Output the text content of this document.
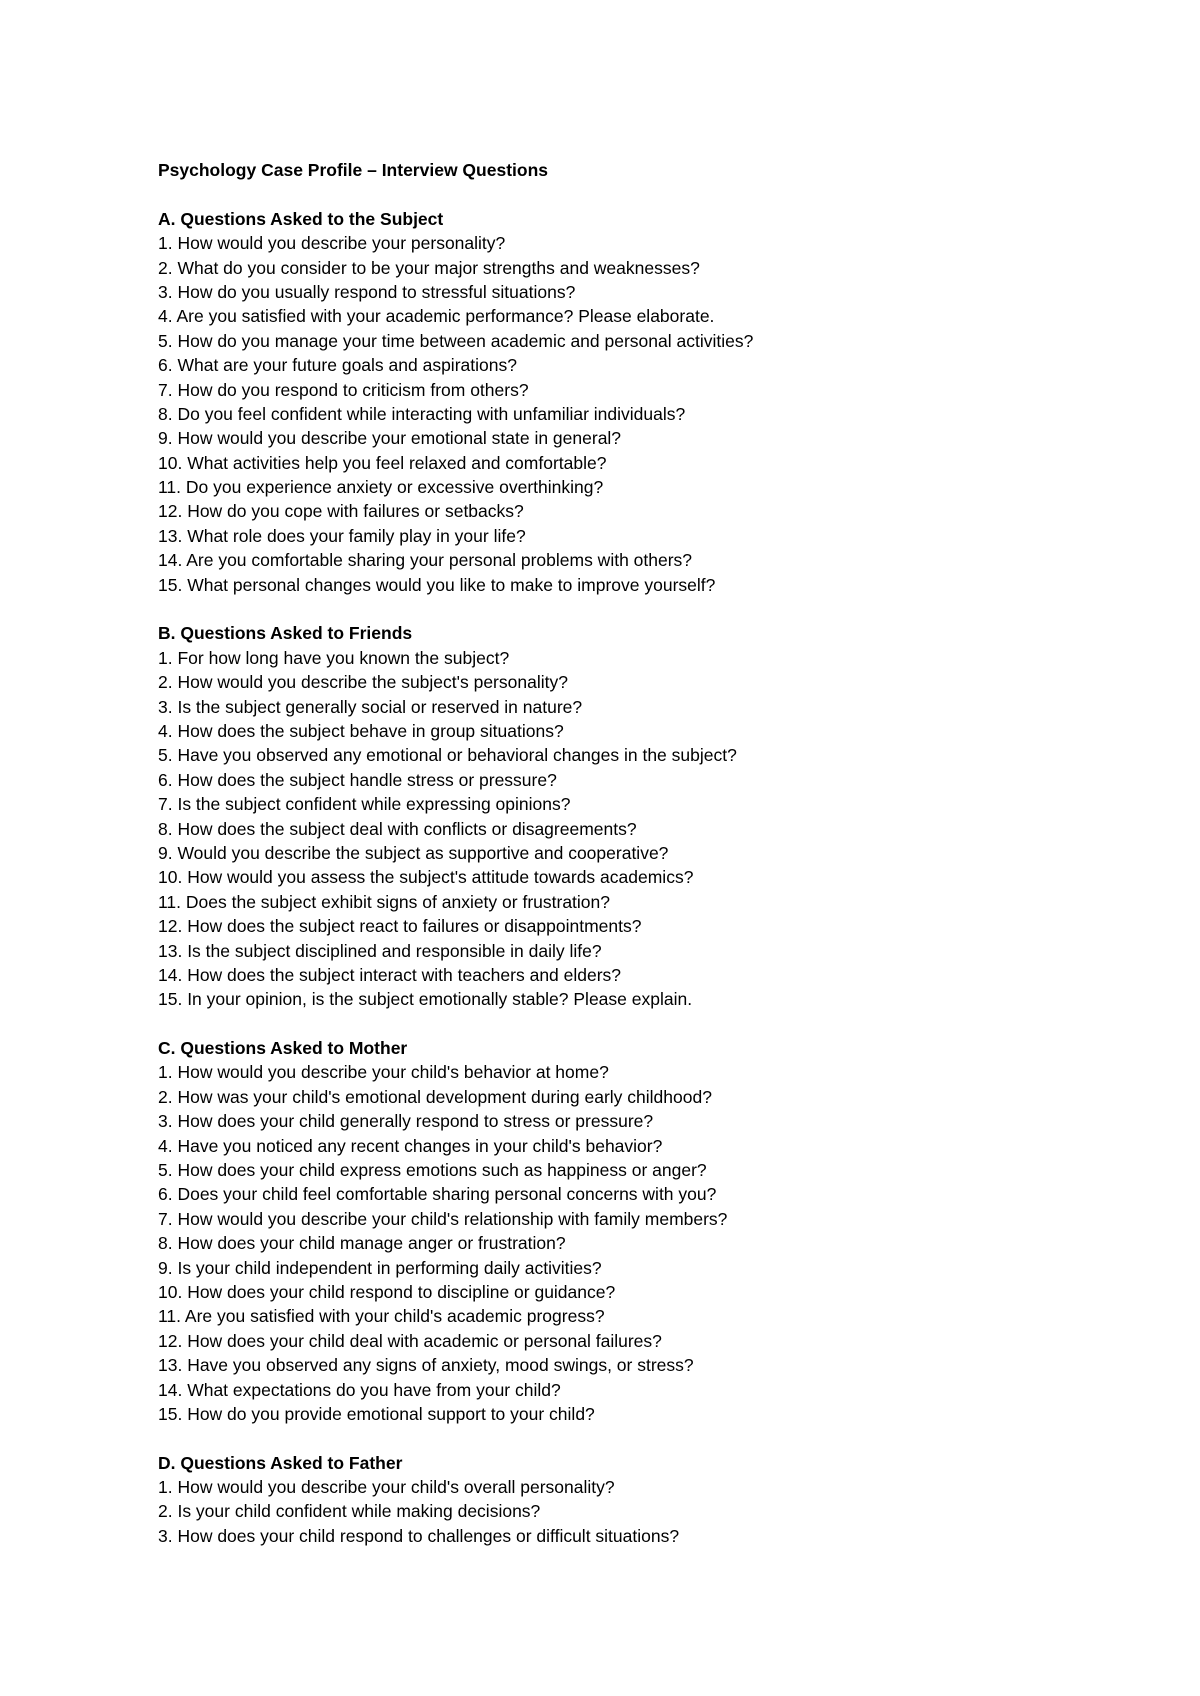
Psychology Case Profile – Interview Questions
A. Questions Asked to the Subject
1. How would you describe your personality?
2. What do you consider to be your major strengths and weaknesses?
3. How do you usually respond to stressful situations?
4. Are you satisfied with your academic performance? Please elaborate.
5. How do you manage your time between academic and personal activities?
6. What are your future goals and aspirations?
7. How do you respond to criticism from others?
8. Do you feel confident while interacting with unfamiliar individuals?
9. How would you describe your emotional state in general?
10. What activities help you feel relaxed and comfortable?
11. Do you experience anxiety or excessive overthinking?
12. How do you cope with failures or setbacks?
13. What role does your family play in your life?
14. Are you comfortable sharing your personal problems with others?
15. What personal changes would you like to make to improve yourself?
B. Questions Asked to Friends
1. For how long have you known the subject?
2. How would you describe the subject's personality?
3. Is the subject generally social or reserved in nature?
4. How does the subject behave in group situations?
5. Have you observed any emotional or behavioral changes in the subject?
6. How does the subject handle stress or pressure?
7. Is the subject confident while expressing opinions?
8. How does the subject deal with conflicts or disagreements?
9. Would you describe the subject as supportive and cooperative?
10. How would you assess the subject's attitude towards academics?
11. Does the subject exhibit signs of anxiety or frustration?
12. How does the subject react to failures or disappointments?
13. Is the subject disciplined and responsible in daily life?
14. How does the subject interact with teachers and elders?
15. In your opinion, is the subject emotionally stable? Please explain.
C. Questions Asked to Mother
1. How would you describe your child's behavior at home?
2. How was your child's emotional development during early childhood?
3. How does your child generally respond to stress or pressure?
4. Have you noticed any recent changes in your child's behavior?
5. How does your child express emotions such as happiness or anger?
6. Does your child feel comfortable sharing personal concerns with you?
7. How would you describe your child's relationship with family members?
8. How does your child manage anger or frustration?
9. Is your child independent in performing daily activities?
10. How does your child respond to discipline or guidance?
11. Are you satisfied with your child's academic progress?
12. How does your child deal with academic or personal failures?
13. Have you observed any signs of anxiety, mood swings, or stress?
14. What expectations do you have from your child?
15. How do you provide emotional support to your child?
D. Questions Asked to Father
1. How would you describe your child's overall personality?
2. Is your child confident while making decisions?
3. How does your child respond to challenges or difficult situations?
